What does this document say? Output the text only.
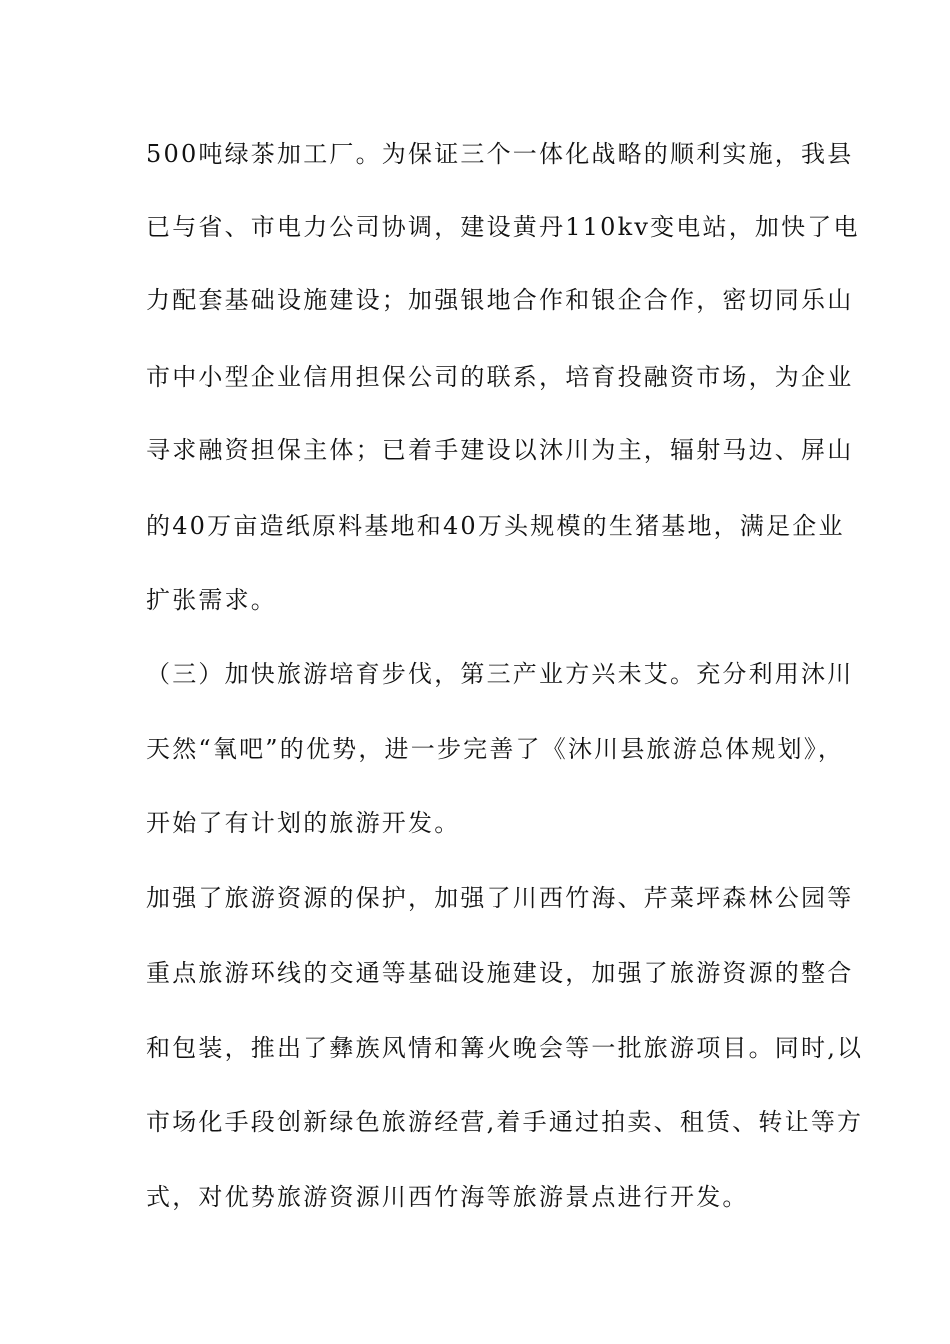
500吨绿茶加工厂。为保证三个一体化战略的顺利实施，我县
已与省、市电力公司协调，建设黄丹110kv变电站，加快了电
力配套基础设施建设；加强银地合作和银企合作，密切同乐山
市中小型企业信用担保公司的联系，培育投融资市场，为企业
寻求融资担保主体；已着手建设以沐川为主，辐射马边、屏山
的40万亩造纸原料基地和40万头规模的生猪基地，满足企业
扩张需求。
（三）加快旅游培育步伐，第三产业方兴未艾。充分利用沐川
天然“氧吧”的优势，进一步完善了《沐川县旅游总体规划》，
开始了有计划的旅游开发。
加强了旅游资源的保护，加强了川西竹海、芹菜坪森林公园等
重点旅游环线的交通等基础设施建设，加强了旅游资源的整合
和包装，推出了彝族风情和篝火晚会等一批旅游项目。同时,以
市场化手段创新绿色旅游经营,着手通过拍卖、租赁、转让等方
式，对优势旅游资源川西竹海等旅游景点进行开发。
